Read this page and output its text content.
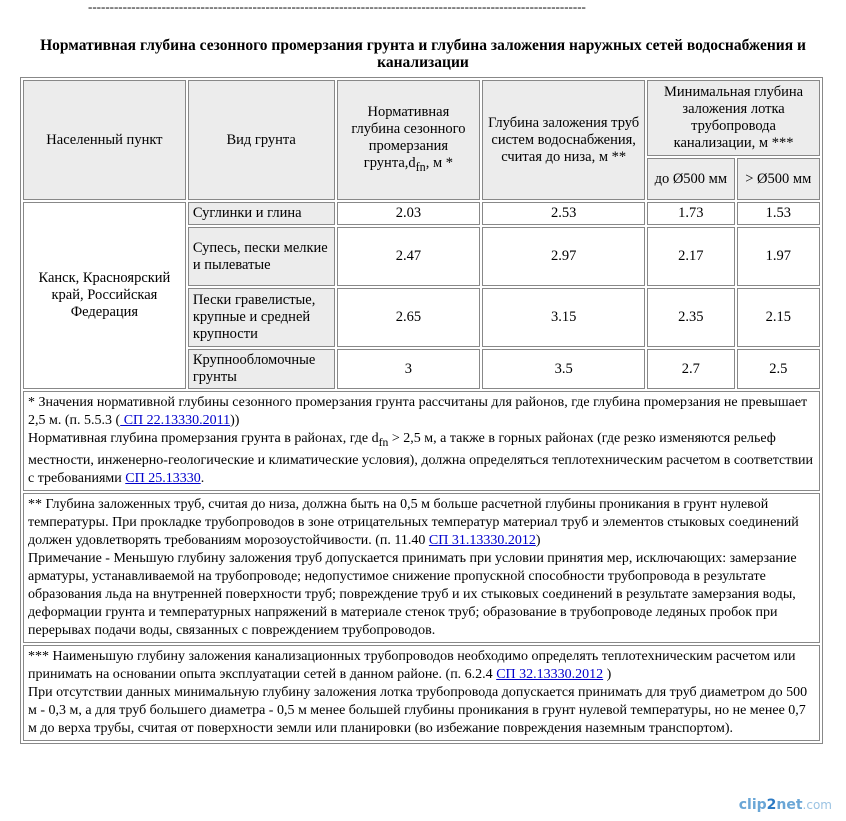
-------------------------------------------------------------------------------------------------------------------
Нормативная глубина сезонного промерзания грунта и глубина заложения наружных сетей водоснабжения и канализации
Населенный пункт	Вид грунта	Нормативная глубина сезонного промерзания $грунта,d_{fn}$, м *	Глубина заложения труб систем водоснабжения, считая до низа, м **	Минимальная глубина заложения лотка трубопровода канализации, м ***	
				до Ø500 мм	> Ø500 мм
Канск, Красноярский край, Российская Федерация	Суглинки и глина	2.03	2.53	1.73	1.53
	Супесь, пески мелкие и пылеватые	2.47	2.97	2.17	1.97
	Пески гравелистые, крупные и средней крупности	2.65	3.15	2.35	2.15
	Крупнообломочные грунты	3	3.5	2.7	2.5
* Значения нормативной глубины сезонного промерзания грунта рассчитаны для районов, где глубина промерзания не превышает 2,5 м. (п. 5.5.3 ( СП 22.13330.2011))
Нормативная глубина промерзания грунта в районах, где $d_{fn} > 2,5$ м, а также в горных районах (где резко изменяются рельеф местности, инженерно-геологические и климатические условия), должна определяться теплотехническим расчетом в соответствии с требованиями СП 25.13330.					
** Глубина заложенных труб, считая до низа, должна быть на 0,5 м больше расчетной глубины проникания в грунт нулевой температуры. При прокладке трубопроводов в зоне отрицательных температур материал труб и элементов стыковых соединений должен удовлетворять требованиям морозоустойчивости. (п. 11.40 СП 31.13330.2012)
Примечание - Меньшую глубину заложения труб допускается принимать при условии принятия мер, исключающих: замерзание арматуры, устанавливаемой на трубопроводе; недопустимое снижение пропускной способности трубопровода в результате образования льда на внутренней поверхности труб; повреждение труб и их стыковых соединений в результате замерзания воды, деформации грунта и температурных напряжений в материале стенок труб; образование в трубопроводе ледяных пробок при перерывах подачи воды, связанных с повреждением трубопроводов.					
*** Наименьшую глубину заложения канализационных трубопроводов необходимо определять теплотехническим расчетом или принимать на основании опыта эксплуатации сетей в данном районе. (п. 6.2.4 СП 32.13330.2012 )
При отсутствии данных минимальную глубину заложения лотка трубопровода допускается принимать для труб диаметром до 500 м - 0,3 м, а для труб большего диаметра - 0,5 м менее большей глубины проникания в грунт нулевой температуры, но не менее 0,7 м до верха трубы, считая от поверхности земли или планировки (во избежание повреждения наземным транспортом).					
clip2net.com
